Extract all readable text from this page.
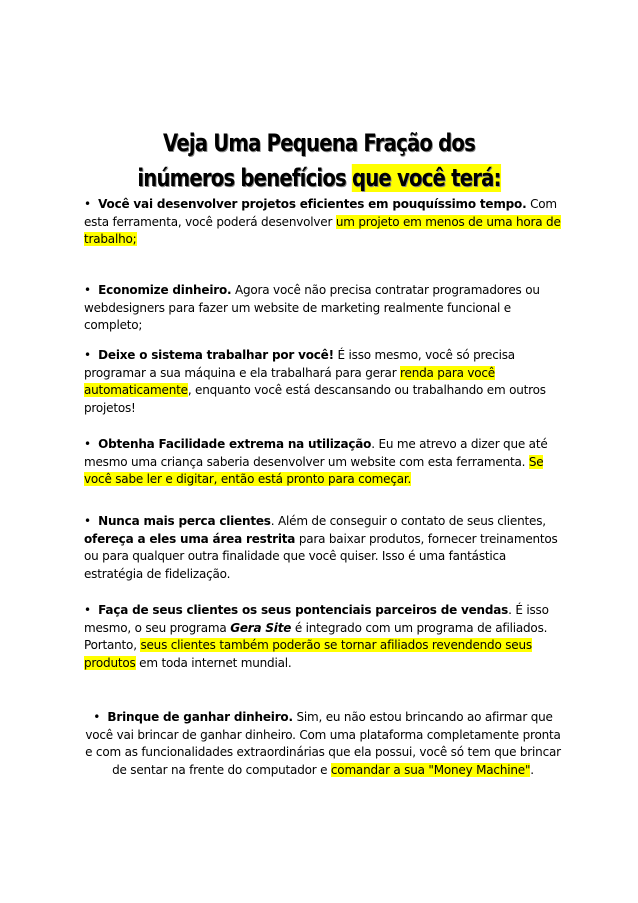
Veja Uma Pequena Fração dos
inúmeros benefícios que você terá:

• Você vai desenvolver projetos eficientes em pouquíssimo tempo. Com esta ferramenta, você poderá desenvolver um projeto em menos de uma hora de trabalho;

• Economize dinheiro. Agora você não precisa contratar programadores ou webdesigners para fazer um website de marketing realmente funcional e completo;

• Deixe o sistema trabalhar por você! É isso mesmo, você só precisa programar a sua máquina e ela trabalhará para gerar renda para você automaticamente, enquanto você está descansando ou trabalhando em outros projetos!

• Obtenha Facilidade extrema na utilização. Eu me atrevo a dizer que até mesmo uma criança saberia desenvolver um website com esta ferramenta. Se você sabe ler e digitar, então está pronto para começar.

• Nunca mais perca clientes. Além de conseguir o contato de seus clientes, ofereça a eles uma área restrita para baixar produtos, fornecer treinamentos ou para qualquer outra finalidade que você quiser. Isso é uma fantástica estratégia de fidelização.

• Faça de seus clientes os seus pontenciais parceiros de vendas. É isso mesmo, o seu programa Gera Site é integrado com um programa de afiliados. Portanto, seus clientes também poderão se tornar afiliados revendendo seus produtos em toda internet mundial.

• Brinque de ganhar dinheiro. Sim, eu não estou brincando ao afirmar que você vai brincar de ganhar dinheiro. Com uma plataforma completamente pronta e com as funcionalidades extraordinárias que ela possui, você só tem que brincar de sentar na frente do computador e comandar a sua "Money Machine".
